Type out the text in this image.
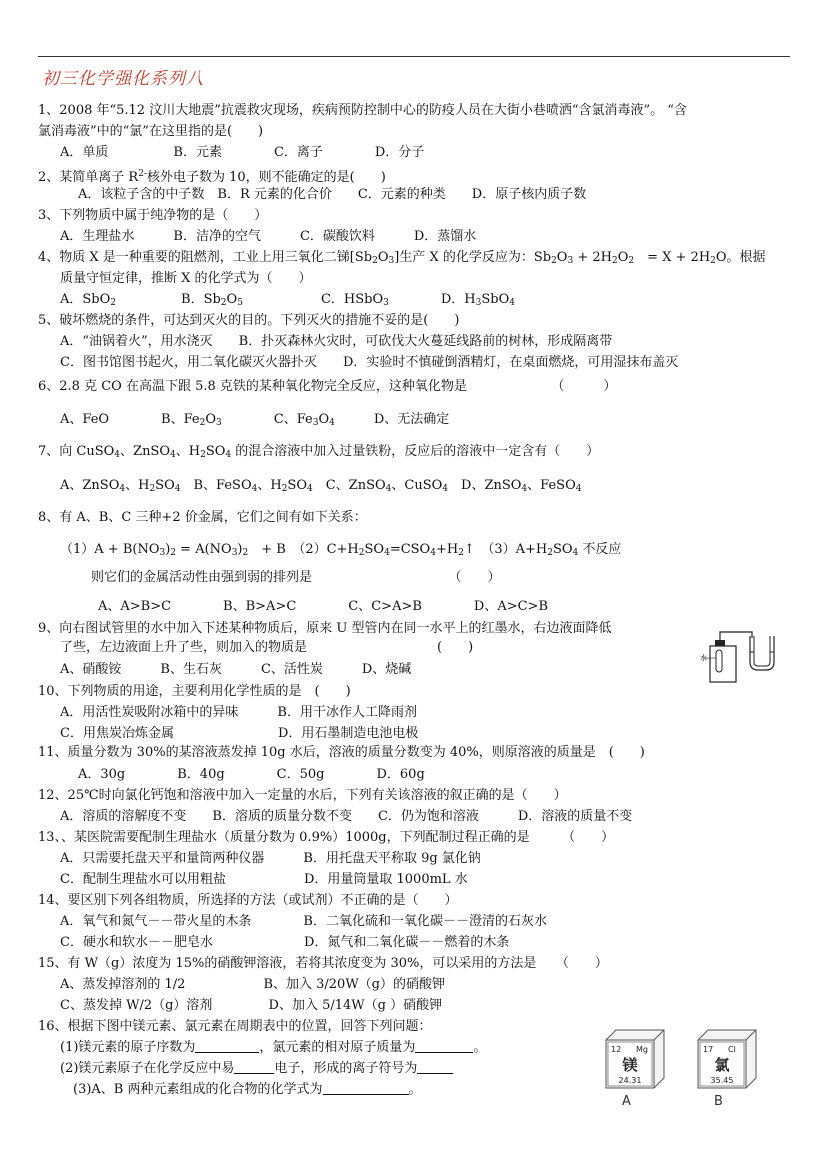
初三化学强化系列八
1、2008 年“5.12 汶川大地震”抗震救灾现场，疾病预防控制中心的防疫人员在大街小巷喷洒“含氯消毒液”。 “含
氯消毒液”中的“氯”在这里指的是(　　)
A．单质　　　　　B．元素　　　　C．离子　　　　D．分子
2、某简单离子 $R^{2-}$核外电子数为 10，则不能确定的是(　　)
A．该粒子含的中子数　B．R 元素的化合价　　C．元素的种类　　D．原子核内质子数
3、下列物质中属于纯净物的是（　　）
A．生理盐水　　　B．洁净的空气　　　C．碳酸饮料　　　D．蒸馏水
4、物质 X 是一种重要的阻燃剂，工业上用三氧化二锑$[Sb_2O_3]$生产 X 的化学反应为：$Sb_2O_3 + 2H_2O_2$　= $X + 2H_2O$。根据
质量守恒定律，推断 X 的化学式为（　　）
A．SbO$_2$　　　　　B．$Sb_2O_5$　　　　　　C．HSbO$_3$　　　　D．$H_3SbO_4$
5、破坏燃烧的条件，可达到灭火的目的。下列灭火的措施不妥的是(　　)
A．“油锅着火”，用水浇灭　　B．扑灭森林火灾时，可砍伐大火蔓延线路前的树林，形成隔离带
C．图书馆图书起火，用二氧化碳灭火器扑灭　　D．实验时不慎碰倒酒精灯，在桌面燃烧，可用湿抹布盖灭
6、2.8 克 CO 在高温下跟 5.8 克铁的某种氧化物完全反应，这种氧化物是　　　　　　　（　　　）
A、FeO　　　　B、$Fe_2O_3$　　　　C、$Fe_3O_4$　　　D、无法确定
7、向 CuSO$_4$、ZnSO$_4$、$H_2SO_4$ 的混合溶液中加入过量铁粉，反应后的溶液中一定含有（　　）
A、ZnSO$_4$、$H_2SO_4$　B、FeSO$_4$、$H_2SO_4$　C、ZnSO$_4$、CuSO$_4$　D、ZnSO$_4$、FeSO$_4$
8、有 A、B、C 三种+2 价金属，它们之间有如下关系：
$(1)A + B(NO_3)_2 = A(NO_3)_2$　+ B　$(2)C+H_2SO_4=CSO_4+H_2↑$　$(3)A+H_2SO_4$ 不反应
　则它们的金属活动性由强到弱的排列是　　　　　　　　　　　（　　）
A、A>B>C　　　　B、B>A>C　　　　C、C>A>B　　　　D、A>C>B
9、向右图试管里的水中加入下述某种物质后，原来 U 型管内在同一水平上的红墨水，右边液面降低
了些，左边液面上升了些，则加入的物质是　　　　　　　　　　(　　)
A、硝酸铵　　　B、生石灰　　　C、活性炭　　　D、烧碱
10、下列物质的用途，主要利用化学性质的是　(　　)
A．用活性炭吸附冰箱中的异味　　　B．用干冰作人工降雨剂
C．用焦炭冶炼金属　　　　　　　　D．用石墨制造电池电极
11、质量分数为 30%的某溶液蒸发掉 10g 水后，溶液的质量分数变为 40%，则原溶液的质量是　(　　)
A．30g　　　　B．40g　　　　C．50g　　　　D．60g
12、25℃时向氯化钙饱和溶液中加入一定量的水后，下列有关该溶液的叙正确的是（　　）
A．溶质的溶解度不变　　B．溶质的质量分数不变　　C．仍为饱和溶液　　　D．溶液的质量不变
13、、某医院需要配制生理盐水（质量分数为 0.9%）1000g，下列配制过程正确的是　　　（　　）
A．只需要托盘天平和量筒两种仪器　　　B．用托盘天平称取 9g 氯化钠
C．配制生理盐水可以用粗盐　　　　　　D．用量筒量取 1000mL 水
14、要区别下列各组物质，所选择的方法（或试剂）不正确的是（　　）
A．氧气和氮气－－带火星的木条　　　　B．二氧化硫和一氧化碳－－澄清的石灰水
C．硬水和软水－－肥皂水　　　　　　　D．氮气和二氧化碳－－燃着的木条
15、有 W（g）浓度为 15%的硝酸钾溶液，若将其浓度变为 30%，可以采用的方法是　　（　　）
A、蒸发掉溶剂的 1/2　　　　　　B、加入 3/20W（g）的硝酸钾
C、蒸发掉 W/2（g）溶剂　　　　 D、加入 5/14W（g ）硝酸钾
16、根据下图中镁元素、氯元素在周期表中的位置，回答下列问题：
(1)镁元素的原子序数为	，氯元素的相对原子质量为	。
(2)镁元素原子在化学反应中易	电子，形成的离子符号为
　(3)A、B 两种元素组成的化合物的化学式为	。
水
12 Mg
镁
24.31
A
17 Cl
氯
35.45
B
